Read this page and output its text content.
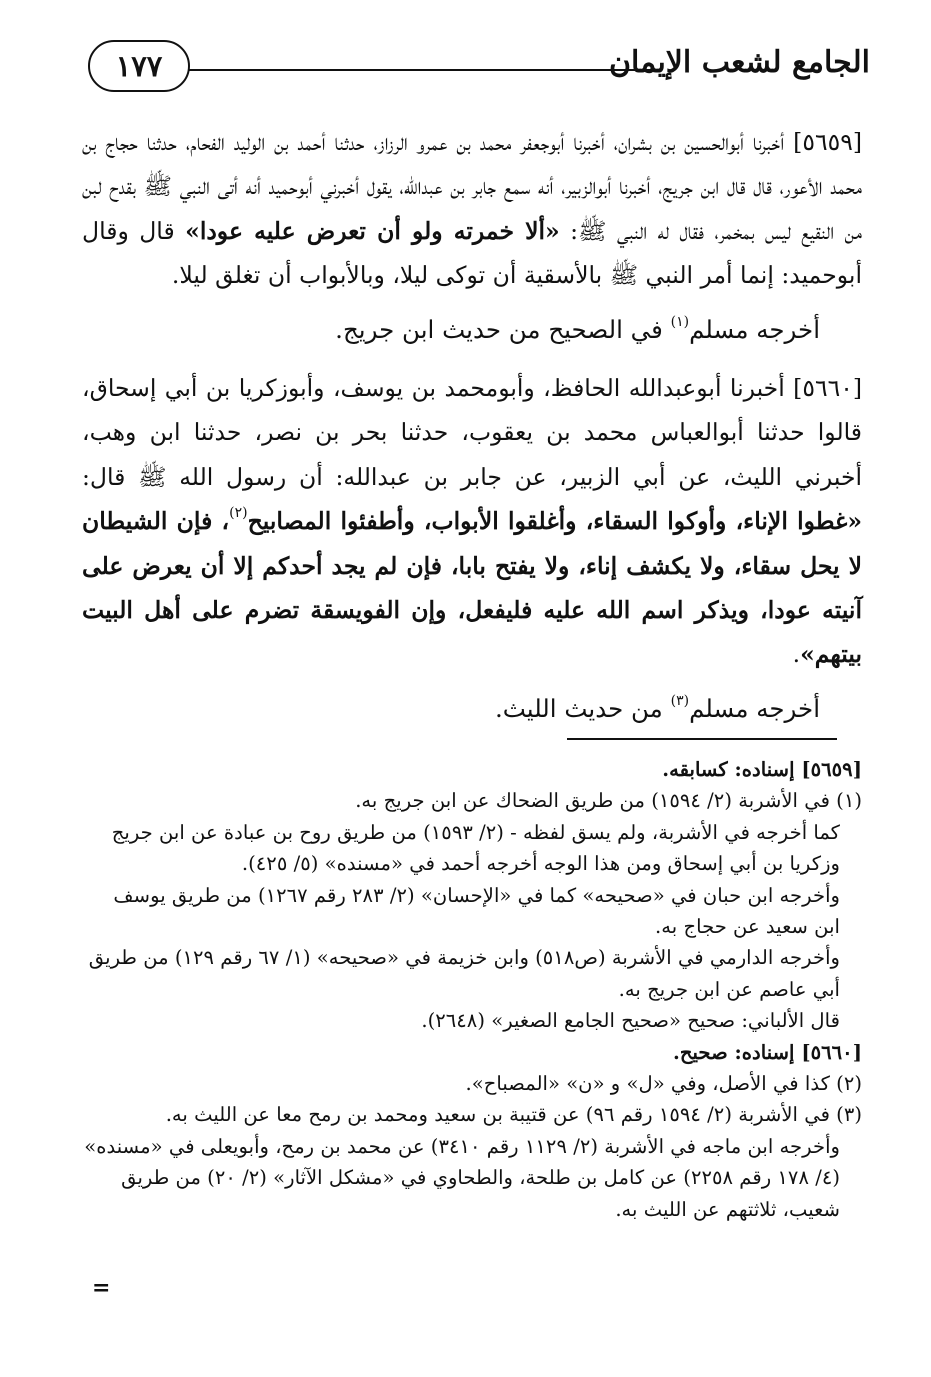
١٧٧	الجامع لشعب الإيمان

[٥٦٥٩] أخبرنا أبوالحسين بن بشران، أخبرنا أبوجعفر محمد بن عمرو الرزاز، حدثنا أحمد بن الوليد الفحام، حدثنا حجاج بن محمد الأعور، قال قال ابن جريج، أخبرنا أبوالزبير، أنه سمع جابر بن عبدالله، يقول أخبرني أبوحميد أنه أتى النبي ﷺ بقدح لبن من النقيع ليس بمخمر، فقال له النبي ﷺ: «ألا خمرته ولو أن تعرض عليه عودا» قال وقال أبوحميد: إنما أمر النبي ﷺ بالأسقية أن توكى ليلا، وبالأبواب أن تغلق ليلا.

أخرجه مسلم$^{(١)}$ في الصحيح من حديث ابن جريج.

[٥٦٦٠] أخبرنا أبوعبدالله الحافظ، وأبومحمد بن يوسف، وأبوزكريا بن أبي إسحاق، قالوا حدثنا أبوالعباس محمد بن يعقوب، حدثنا بحر بن نصر، حدثنا ابن وهب، أخبرني الليث، عن أبي الزبير، عن جابر بن عبدالله: أن رسول الله ﷺ قال: «غطوا الإناء، وأوكوا السقاء، وأغلقوا الأبواب، وأطفئوا المصابيح$^{(٢)}$، فإن الشيطان لا يحل سقاء، ولا يكشف إناء، ولا يفتح بابا، فإن لم يجد أحدكم إلا أن يعرض على آنيته عودا، ويذكر اسم الله عليه فليفعل، وإن الفويسقة تضرم على أهل البيت بيتهم».

أخرجه مسلم$^{(٣)}$ من حديث الليث.

[٥٦٥٩] إسناده: كسابقه.

(١) في الأشربة (٢/ ١٥٩٤) من طريق الضحاك عن ابن جريج به.

كما أخرجه في الأشربة، ولم يسق لفظه - (٢/ ١٥٩٣) من طريق روح بن عبادة عن ابن جريج وزكريا بن أبي إسحاق ومن هذا الوجه أخرجه أحمد في «مسنده» (٥/ ٤٢٥).

وأخرجه ابن حبان في «صحيحه» كما في «الإحسان» (٢/ ٢٨٣ رقم ١٢٦٧) من طريق يوسف ابن سعيد عن حجاج به.

وأخرجه الدارمي في الأشربة (ص٥١٨) وابن خزيمة في «صحيحه» (١/ ٦٧ رقم ١٢٩) من طريق أبي عاصم عن ابن جريج به.

قال الألباني: صحيح «صحيح الجامع الصغير» (٢٦٤٨).

[٥٦٦٠] إسناده: صحيح.

(٢) كذا في الأصل، وفي «ل» و «ن» «المصباح».

(٣) في الأشربة (٢/ ١٥٩٤ رقم ٩٦) عن قتيبة بن سعيد ومحمد بن رمح معا عن الليث به.

وأخرجه ابن ماجه في الأشربة (٢/ ١١٢٩ رقم ٣٤١٠) عن محمد بن رمح، وأبويعلى في «مسنده» (٤/ ١٧٨ رقم ٢٢٥٨) عن كامل بن طلحة، والطحاوي في «مشكل الآثار» (٢/ ٢٠) من طريق شعيب، ثلاثتهم عن الليث به.

=
